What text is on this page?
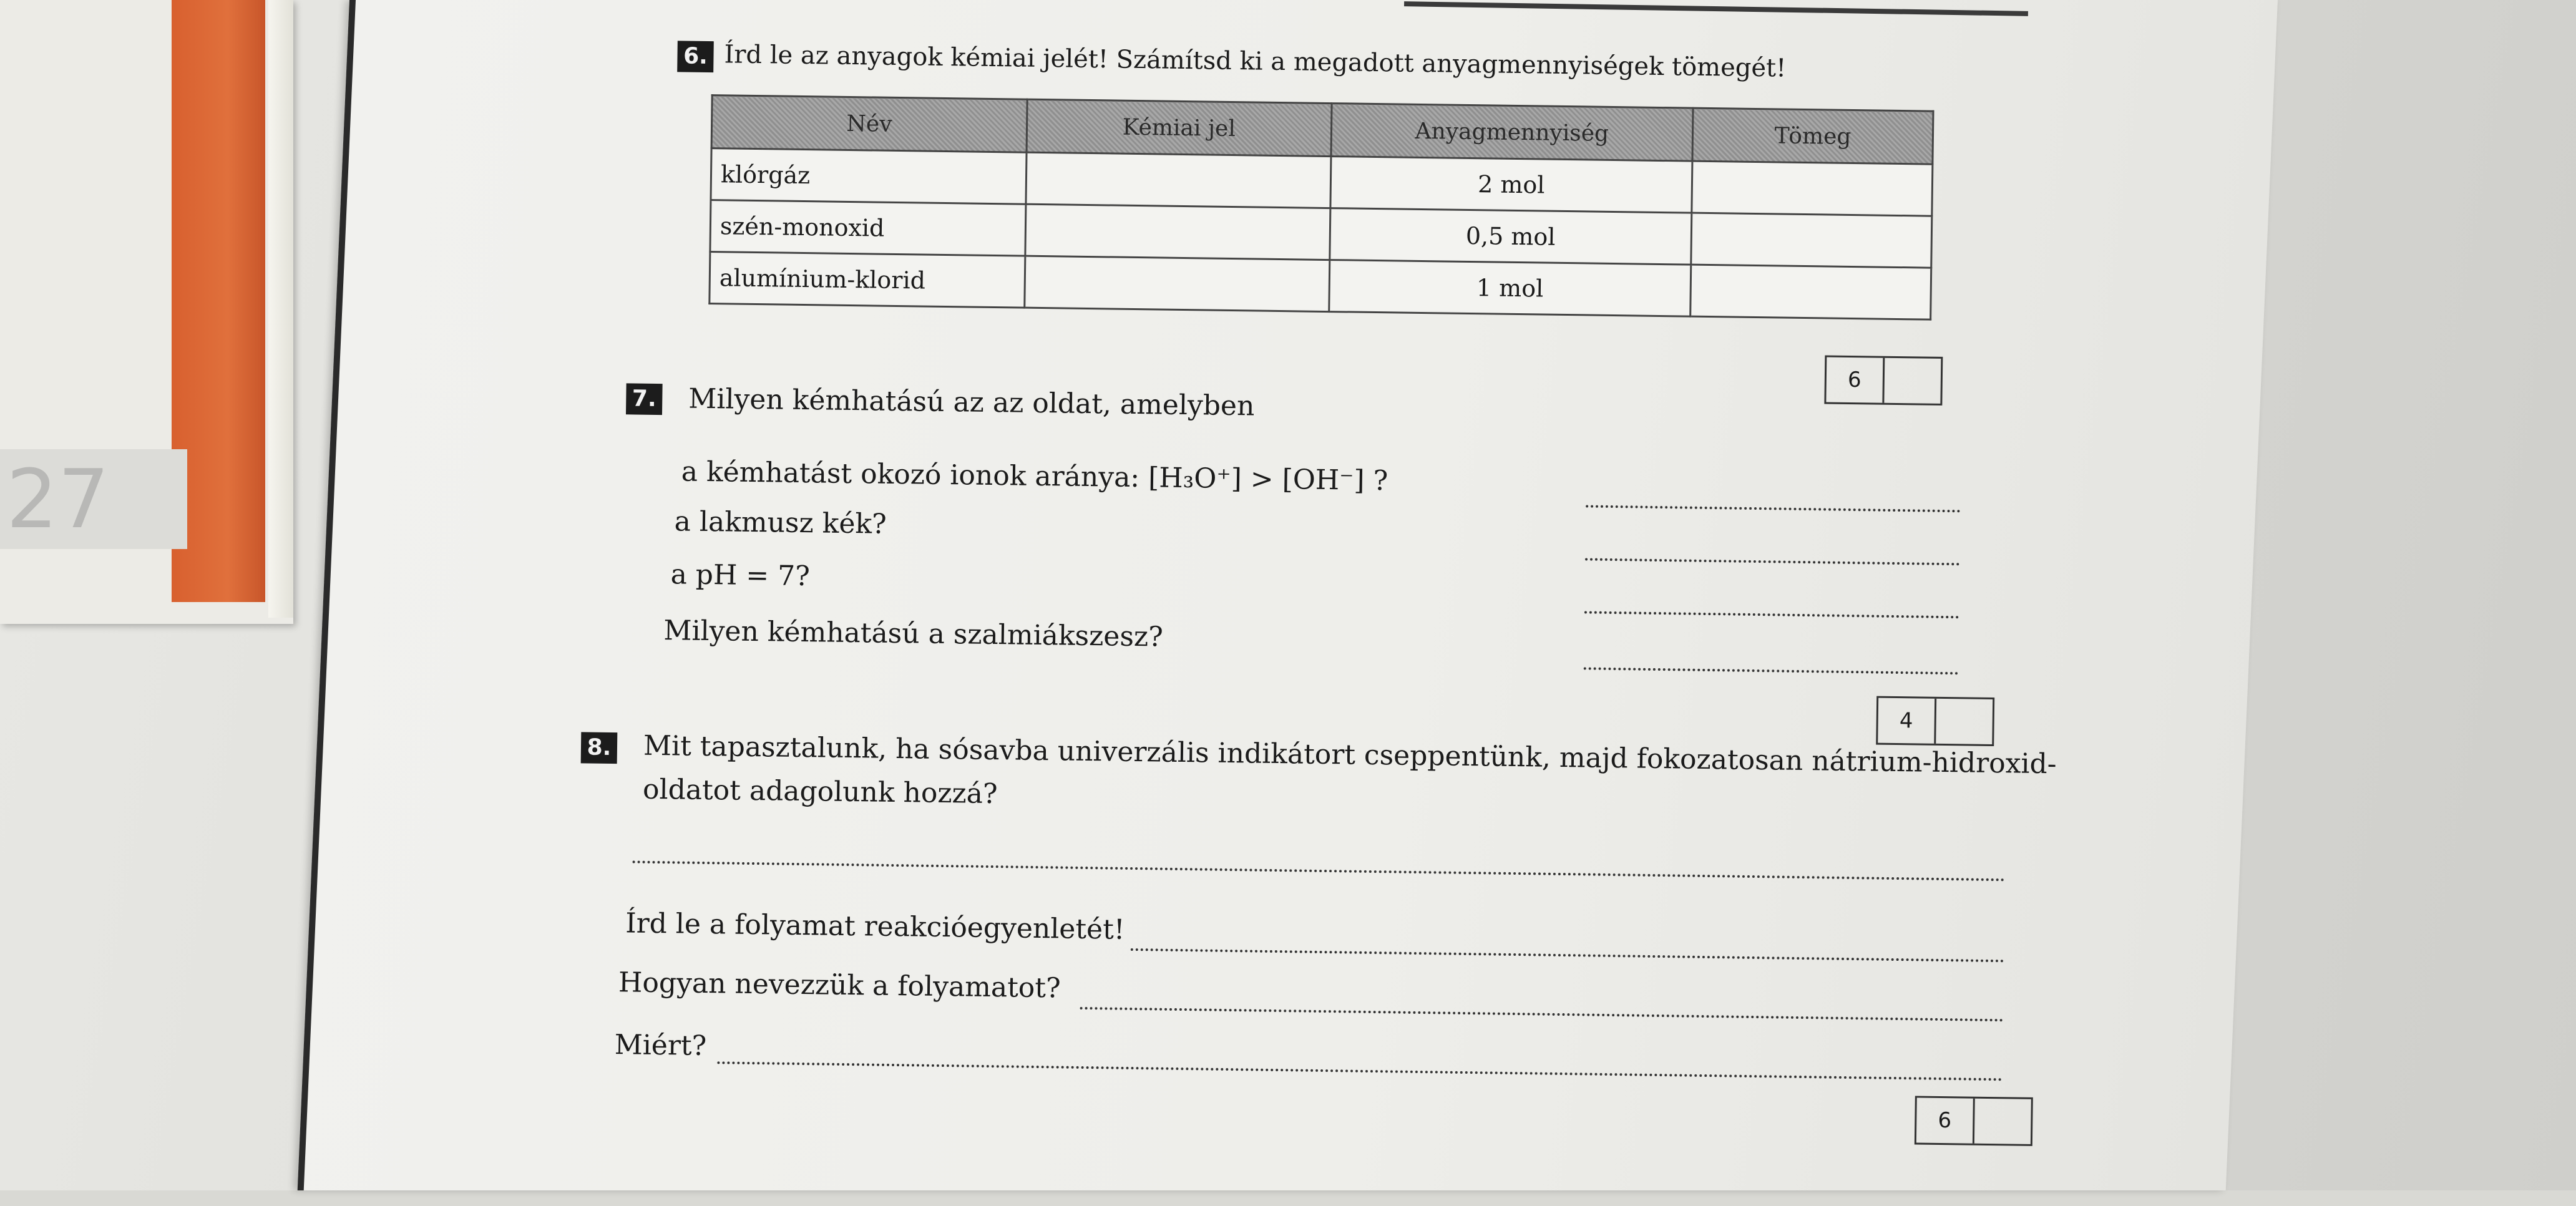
27
6. Írd le az anyagok kémiai jelét! Számítsd ki a megadott anyagmennyiségek tömegét!
Név	Kémiai jel	Anyagmennyiség	Tömeg
klórgáz		2 mol	
szén-monoxid		0,5 mol	
alumínium-klorid		1 mol	
6
7. Milyen kémhatású az az oldat, amelyben
a kémhatást okozó ionok aránya: [H₃O⁺] > [OH⁻] ?
a lakmusz kék?
a pH = 7?
Milyen kémhatású a szalmiákszesz?
4
8. Mit tapasztalunk, ha sósavba univerzális indikátort cseppentünk, majd fokozatosan nátrium-hidroxid-
oldatot adagolunk hozzá?
Írd le a folyamat reakcióegyenletét!
Hogyan nevezzük a folyamatot?
Miért?
6
